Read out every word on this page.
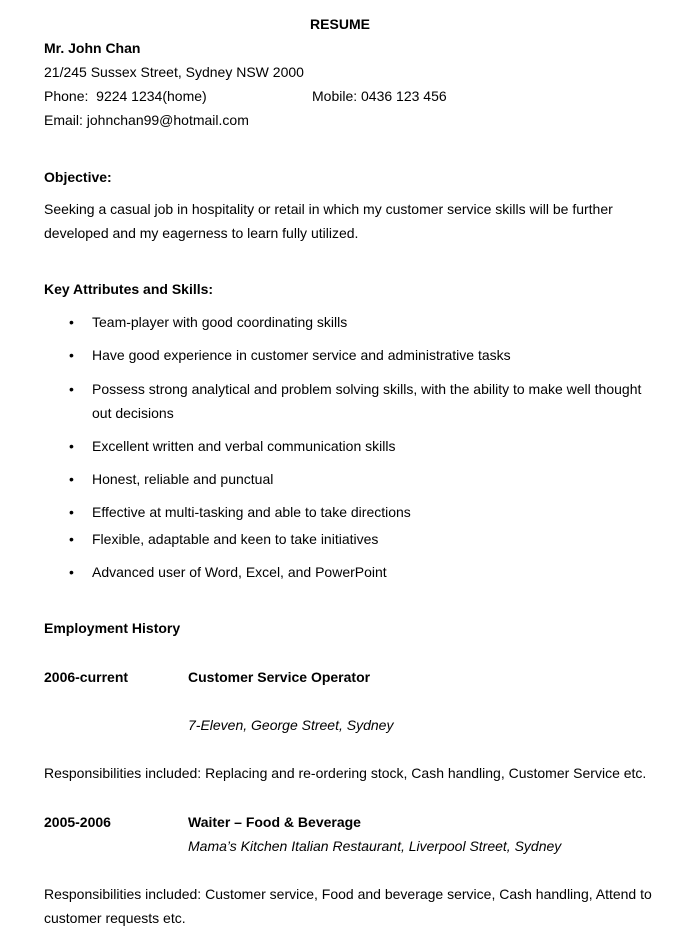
RESUME
Mr. John Chan
21/245 Sussex Street, Sydney NSW 2000
Phone:  9224 1234(home)	Mobile: 0436 123 456
Email: johnchan99@hotmail.com
Objective:
Seeking a casual job in hospitality or retail in which my customer service skills will be further
developed and my eagerness to learn fully utilized.
Key Attributes and Skills:
• Team-player with good coordinating skills
• Have good experience in customer service and administrative tasks
• Possess strong analytical and problem solving skills, with the ability to make well thought
out decisions
• Excellent written and verbal communication skills
• Honest, reliable and punctual
• Effective at multi-tasking and able to take directions
• Flexible, adaptable and keen to take initiatives
• Advanced user of Word, Excel, and PowerPoint
Employment History
2006-current	Customer Service Operator
7-Eleven, George Street, Sydney
Responsibilities included: Replacing and re-ordering stock, Cash handling, Customer Service etc.
2005-2006	Waiter – Food & Beverage
Mama’s Kitchen Italian Restaurant, Liverpool Street, Sydney
Responsibilities included: Customer service, Food and beverage service, Cash handling, Attend to
customer requests etc.
